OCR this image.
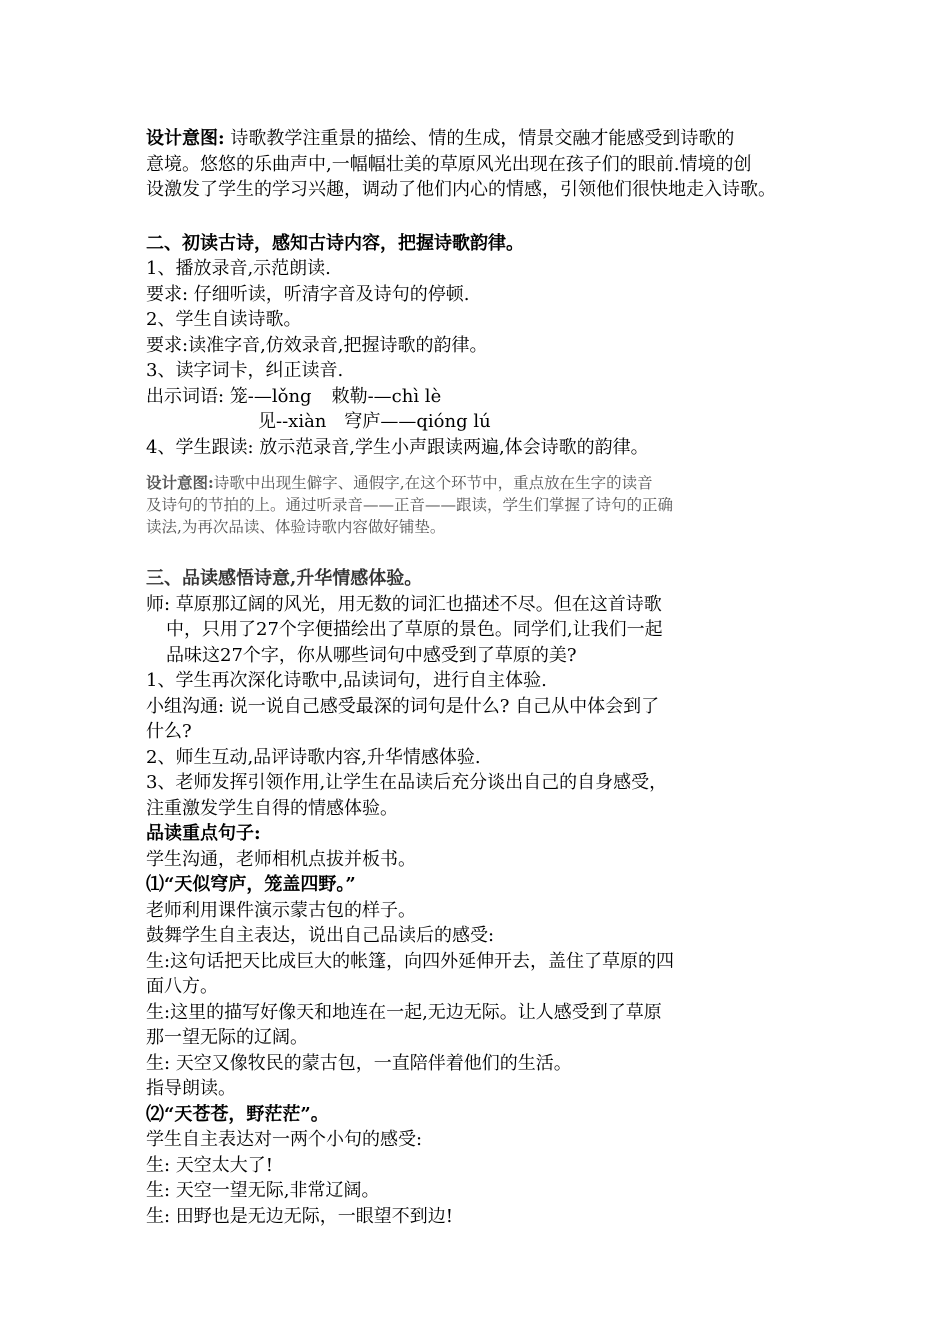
设计意图: 诗歌教学注重景的描绘、情的生成，情景交融才能感受到诗歌的
意境。悠悠的乐曲声中,一幅幅壮美的草原风光出现在孩子们的眼前.情境的创
设激发了学生的学习兴趣，调动了他们内心的情感，引领他们很快地走入诗歌。
二、初读古诗，感知古诗内容，把握诗歌韵律。
1、播放录音,示范朗读.
要求: 仔细听读，听清字音及诗句的停顿.
2、学生自读诗歌。
要求:读准字音,仿效录音,把握诗歌的韵律。
3、读字词卡，纠正读音.
出示词语: 笼-—lǒng 敕勒-—chì lè
见--xiàn 穹庐——qióng lú
4、学生跟读: 放示范录音,学生小声跟读两遍,体会诗歌的韵律。
设计意图:诗歌中出现生僻字、通假字,在这个环节中，重点放在生字的读音
及诗句的节拍的上。通过听录音——正音——跟读，学生们掌握了诗句的正确
读法,为再次品读、体验诗歌内容做好铺垫。
三、品读感悟诗意,升华情感体验。
师: 草原那辽阔的风光，用无数的词汇也描述不尽。但在这首诗歌
中，只用了27个字便描绘出了草原的景色。同学们,让我们一起
品味这27个字，你从哪些词句中感受到了草原的美?
1、学生再次深化诗歌中,品读词句，进行自主体验.
小组沟通: 说一说自己感受最深的词句是什么? 自己从中体会到了
什么?
2、师生互动,品评诗歌内容,升华情感体验.
3、老师发挥引领作用,让学生在品读后充分谈出自己的自身感受，
注重激发学生自得的情感体验。
品读重点句子:
学生沟通，老师相机点拔并板书。
⑴“天似穹庐，笼盖四野。”
老师利用课件演示蒙古包的样子。
鼓舞学生自主表达，说出自己品读后的感受:
生:这句话把天比成巨大的帐篷，向四外延伸开去，盖住了草原的四
面八方。
生:这里的描写好像天和地连在一起,无边无际。让人感受到了草原
那一望无际的辽阔。
生: 天空又像牧民的蒙古包，一直陪伴着他们的生活。
指导朗读。
⑵“天苍苍，野茫茫”。
学生自主表达对一两个小句的感受:
生: 天空太大了!
生: 天空一望无际,非常辽阔。
生: 田野也是无边无际，一眼望不到边!
